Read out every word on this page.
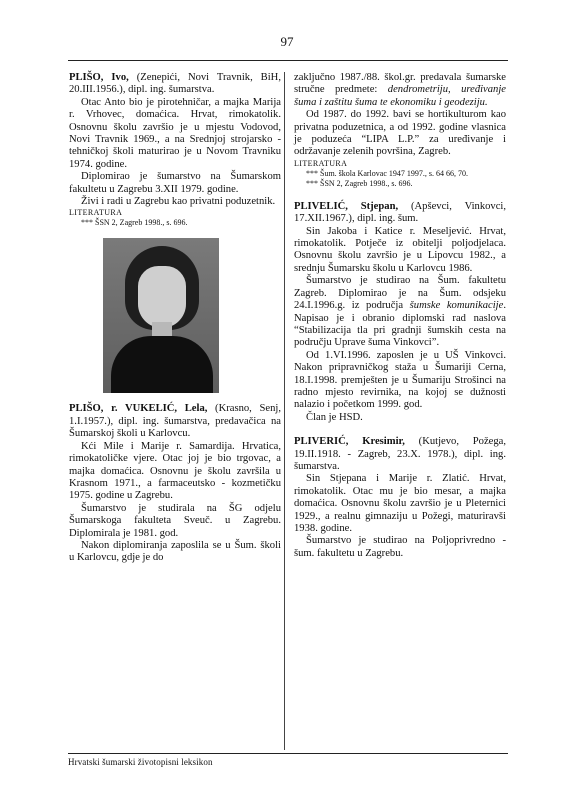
97

PLIŠO, Ivo, (Zenepići, Novi Travnik, BiH, 20.III.1956.), dipl. ing. šumarstva.

Otac Anto bio je pirotehničar, a majka Marija r. Vrhovec, domaćica. Hrvat, rimokatolik. Osnovnu školu završio je u mjestu Vodovod, Novi Travnik 1969., a na Srednjoj strojarsko - tehničkoj školi maturirao je u Novom Travniku 1974. godine.

Diplomirao je šumarstvo na Šumarskom fakultetu u Zagrebu 3.XII 1979. godine.

Živi i radi u Zagrebu kao privatni poduzetnik.

LITERATURA

*** ŠSN 2, Zagreb 1998., s. 696.

PLIŠO, r. VUKELIĆ, Lela, (Krasno, Senj, 1.I.1957.), dipl. ing. šumarstva, predavačica na Šumarskoj školi u Karlovcu.

Kći Mile i Marije r. Samardija. Hrvatica, rimokatoličke vjere. Otac joj je bio trgovac, a majka domaćica. Osnovnu je školu završila u Krasnom 1971., a farmaceutsko - kozmetičku 1975. godine u Zagrebu.

Šumarstvo je studirala na ŠG odjelu Šumarskoga fakulteta Sveuč. u Zagrebu. Diplomirala je 1981. god.

Nakon diplomiranja zaposlila se u Šum. školi u Karlovcu, gdje je do

zaključno 1987./88. škol.gr. predavala šumarske stručne predmete: dendrometriju, uređivanje šuma i zaštitu šuma te ekonomiku i geodeziju.

Od 1987. do 1992. bavi se hortikulturom kao privatna poduzetnica, a od 1992. godine vlasnica je poduzeća “LIPA L.P.” za uređivanje i održavanje zelenih površina, Zagreb.

LITERATURA

*** Šum. škola Karlovac 1947 1997., s. 64 66, 70.

*** ŠSN 2, Zagreb 1998., s. 696.

PLIVELIĆ, Stjepan, (Apševci, Vinkovci, 17.XII.1967.), dipl. ing. šum.

Sin Jakoba i Katice r. Meseljević. Hrvat, rimokatolik. Potječe iz obitelji poljodjelaca. Osnovnu školu završio je u Lipovcu 1982., a srednju Šumarsku školu u Karlovcu 1986.

Šumarstvo je studirao na Šum. fakultetu Zagreb. Diplomirao je na Šum. odsjeku 24.I.1996.g. iz područja šumske komunikacije. Napisao je i obranio diplomski rad naslova “Stabilizacija tla pri gradnji šumskih cesta na području Uprave šuma Vinkovci”.

Od 1.VI.1996. zaposlen je u UŠ Vinkovci. Nakon pripravničkog staža u Šumariji Cerna, 18.I.1998. premješten je u Šumariju Strošinci na radno mjesto revirnika, na kojoj se dužnosti nalazio i početkom 1999. god.

Član je HSD.

PLIVERIĆ, Kresimir, (Kutjevo, Požega, 19.II.1918. - Zagreb, 23.X. 1978.), dipl. ing. šumarstva.

Sin Stjepana i Marije r. Zlatić. Hrvat, rimokatolik. Otac mu je bio mesar, a majka domaćica. Osnovnu školu završio je u Pleternici 1929., a realnu gimnaziju u Požegi, maturiravši 1938. godine.

Šumarstvo je studirao na Poljoprivredno - šum. fakultetu u Zagrebu.

Hrvatski šumarski životopisni leksikon
